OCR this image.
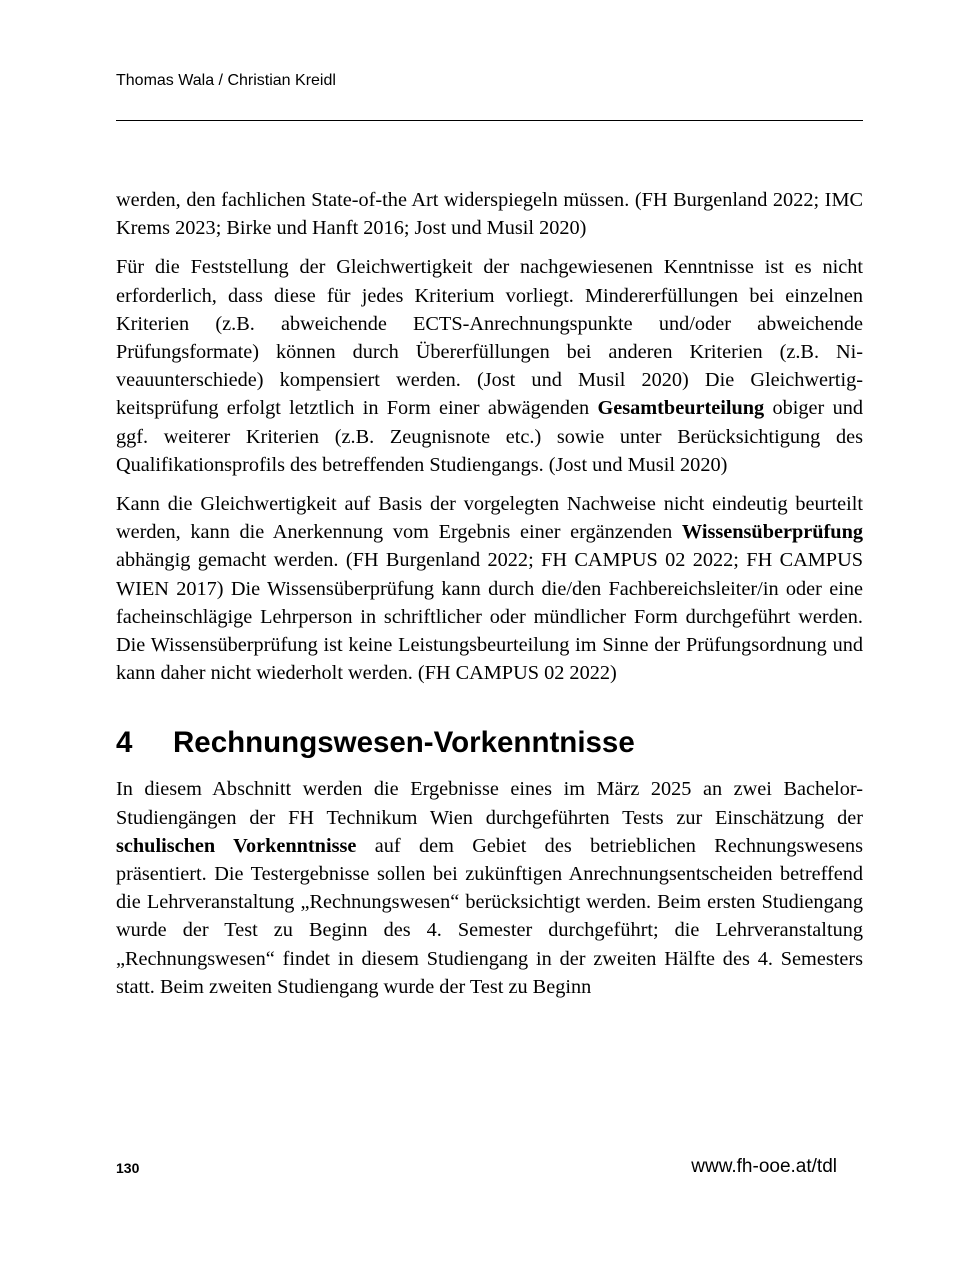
Thomas Wala / Christian Kreidl

werden, den fachlichen State-of-the Art widerspiegeln müssen. (FH Burgenland 2022; IMC Krems 2023; Birke und Hanft 2016; Jost und Musil 2020)

Für die Feststellung der Gleichwertigkeit der nachgewiesenen Kenntnisse ist es nicht erforderlich, dass diese für jedes Kriterium vorliegt. Mindererfüllungen bei einzelnen Kriterien (z.B. abweichende ECTS-Anrechnungspunkte und/oder abweichende Prüfungsformate) können durch Übererfüllungen bei anderen Kriterien (z.B. Niveauunterschiede) kompensiert werden. (Jost und Musil 2020) Die Gleichwertigkeitsprüfung erfolgt letztlich in Form einer abwägenden Gesamtbeurteilung obiger und ggf. weiterer Kriterien (z.B. Zeugnisnote etc.) sowie unter Berücksichtigung des Qualifikationsprofils des betreffenden Studiengangs. (Jost und Musil 2020)

Kann die Gleichwertigkeit auf Basis der vorgelegten Nachweise nicht eindeutig beurteilt werden, kann die Anerkennung vom Ergebnis einer ergänzenden Wissensüberprüfung abhängig gemacht werden. (FH Burgenland 2022; FH CAMPUS 02 2022; FH CAMPUS WIEN 2017) Die Wissensüberprüfung kann durch die/den Fachbereichsleiter/in oder eine facheinschlägige Lehrperson in schriftlicher oder mündlicher Form durchgeführt werden. Die Wissensüberprüfung ist keine Leistungsbeurteilung im Sinne der Prüfungsordnung und kann daher nicht wiederholt werden. (FH CAMPUS 02 2022)

4	Rechnungswesen-Vorkenntnisse

In diesem Abschnitt werden die Ergebnisse eines im März 2025 an zwei Bachelor-Studiengängen der FH Technikum Wien durchgeführten Tests zur Einschätzung der schulischen Vorkenntnisse auf dem Gebiet des betrieblichen Rechnungswesens präsentiert. Die Testergebnisse sollen bei zukünftigen Anrechnungsentscheiden betreffend die Lehrveranstaltung „Rechnungswesen“ berücksichtigt werden. Beim ersten Studiengang wurde der Test zu Beginn des 4. Semester durchgeführt; die Lehrveranstaltung „Rechnungswesen“ findet in diesem Studiengang in der zweiten Hälfte des 4. Semesters statt. Beim zweiten Studiengang wurde der Test zu Beginn

130	www.fh-ooe.at/tdl
